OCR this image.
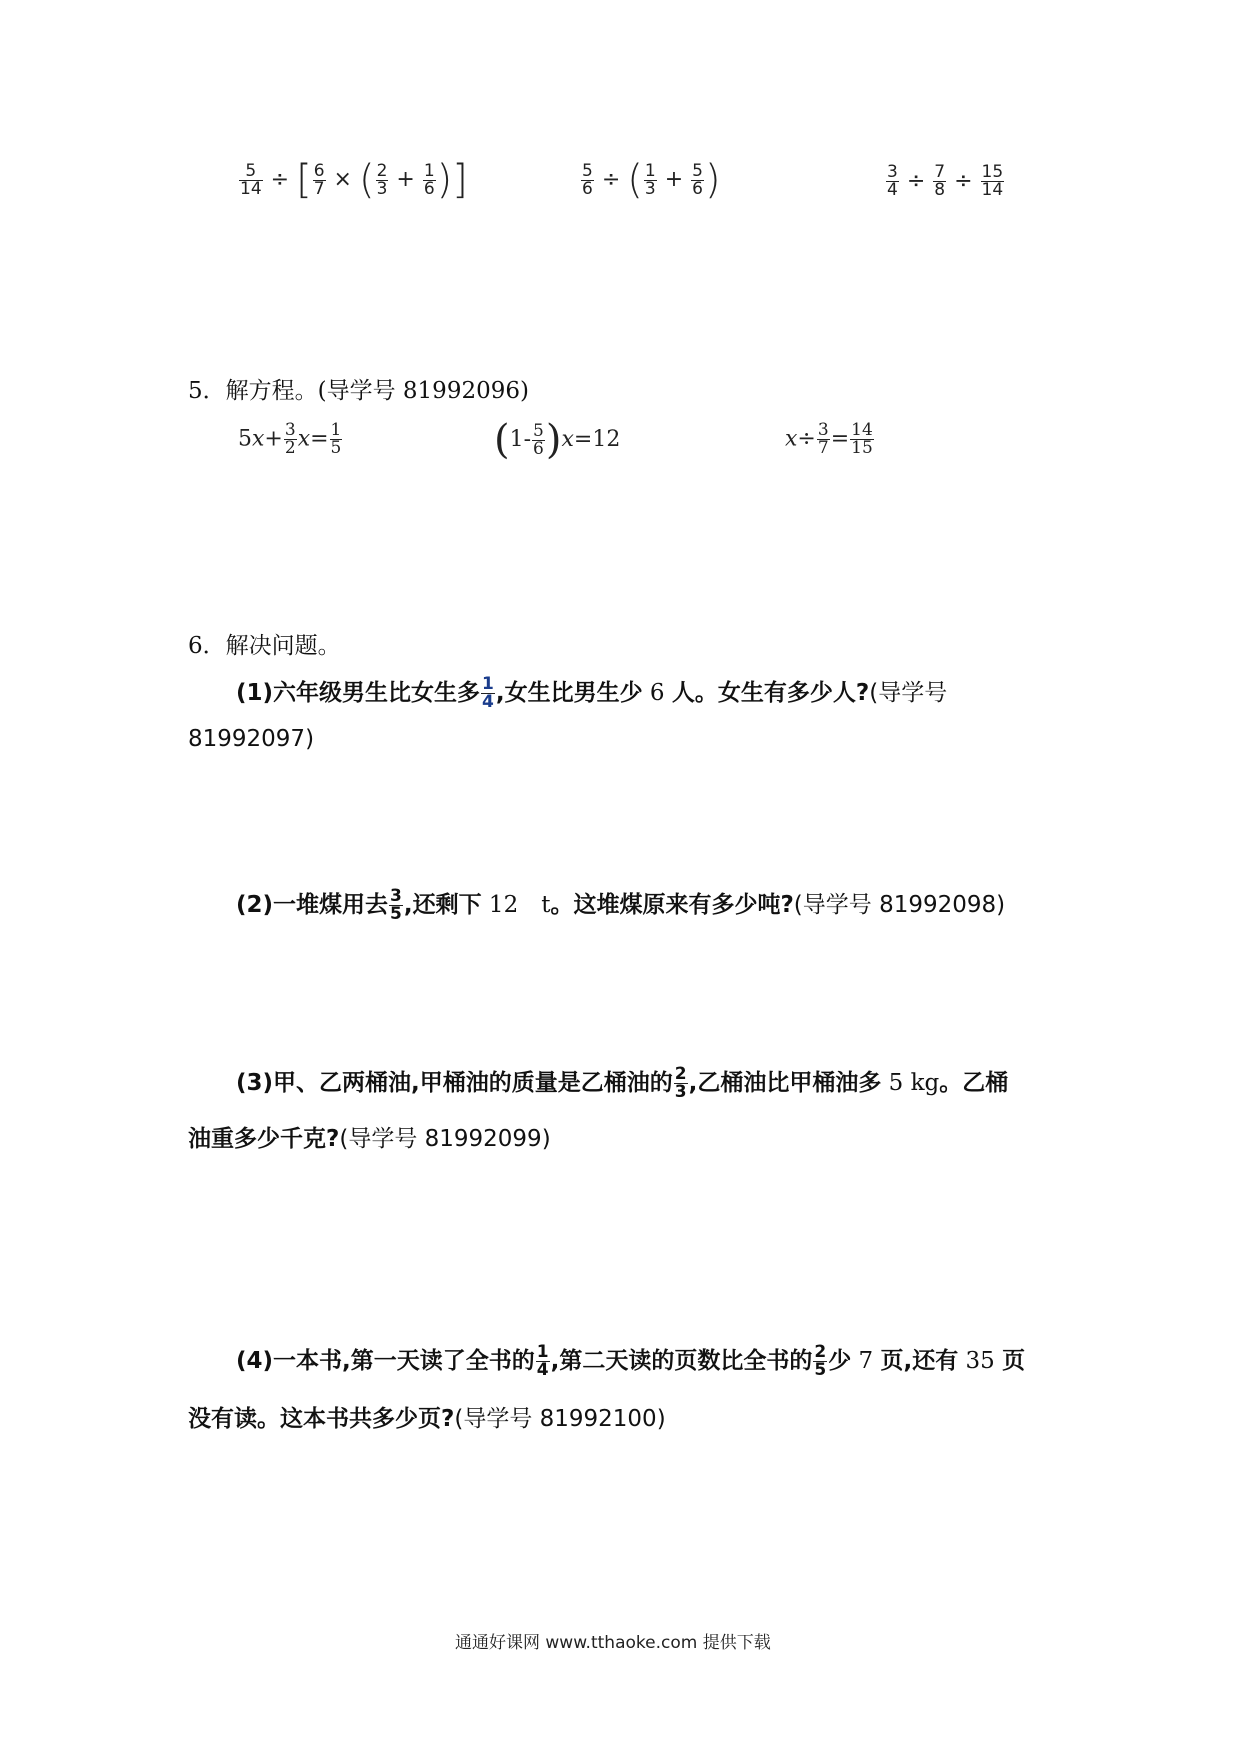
$\frac{5}{14}$ ÷ [ $\frac{6}{7}$ × ( $\frac{2}{3} + \frac{1}{6}$ )]	$\frac{5}{6}$ ÷ ( $\frac{1}{3} + \frac{5}{6}$ )	$\frac{3}{4} \div \frac{7}{8} \div \frac{15}{14}$
5．解方程。(导学号 81992096)
$5x+ \frac{3}{2} x= \frac{1}{5}$	$(1- \frac{5}{6} )x=12$	$x\div \frac{3}{7} = \frac{14}{15}$
6．解决问题。
(1)六年级男生比女生多 $\frac{1}{4}$ ,女生比男生少 6 人。女生有多少人?(导学号
81992097)
(2)一堆煤用去 $\frac{3}{5}$ ,还剩下 12　t。这堆煤原来有多少吨?(导学号 81992098)
(3)甲、乙两桶油,甲桶油的质量是乙桶油的 $\frac{2}{3}$ ,乙桶油比甲桶油多 5 kg。乙桶
油重多少千克?(导学号 81992099)
(4)一本书,第一天读了全书的 $\frac{1}{4}$ ,第二天读的页数比全书的 $\frac{2}{5}$ 少 7 页,还有 35 页
没有读。这本书共多少页?(导学号 81992100)
通通好课网 www.tthaoke.com 提供下载
